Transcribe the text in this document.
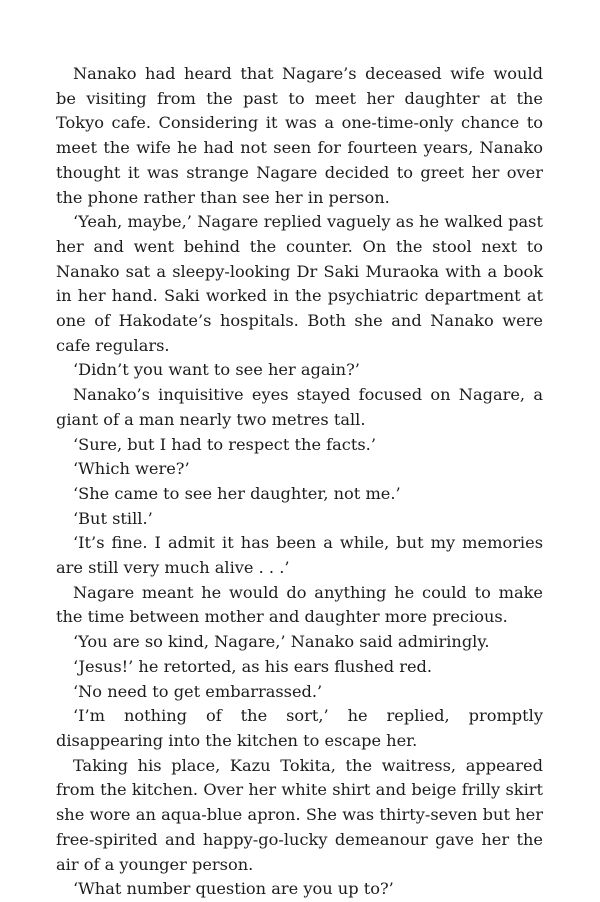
Nanako had heard that Nagare’s deceased wife would be visiting from the past to meet her daughter at the Tokyo cafe. Considering it was a one-time-only chance to meet the wife he had not seen for fourteen years, Nanako thought it was strange Nagare decided to greet her over the phone rather than see her in person.

‘Yeah, maybe,’ Nagare replied vaguely as he walked past her and went behind the counter. On the stool next to Nanako sat a sleepy-looking Dr Saki Muraoka with a book in her hand. Saki worked in the psychiatric department at one of Hakodate’s hospitals. Both she and Nanako were cafe regulars.

‘Didn’t you want to see her again?’

Nanako’s inquisitive eyes stayed focused on Nagare, a giant of a man nearly two metres tall.

‘Sure, but I had to respect the facts.’

‘Which were?’

‘She came to see her daughter, not me.’

‘But still.’

‘It’s fine. I admit it has been a while, but my memories are still very much alive . . .’

Nagare meant he would do anything he could to make the time between mother and daughter more precious.

‘You are so kind, Nagare,’ Nanako said admiringly.

‘Jesus!’ he retorted, as his ears flushed red.

‘No need to get embarrassed.’

‘I’m nothing of the sort,’ he replied, promptly disappearing into the kitchen to escape her.

Taking his place, Kazu Tokita, the waitress, appeared from the kitchen. Over her white shirt and beige frilly skirt she wore an aqua-blue apron. She was thirty-seven but her free-spirited and happy-go-lucky demeanour gave her the air of a younger person.

‘What number question are you up to?’
